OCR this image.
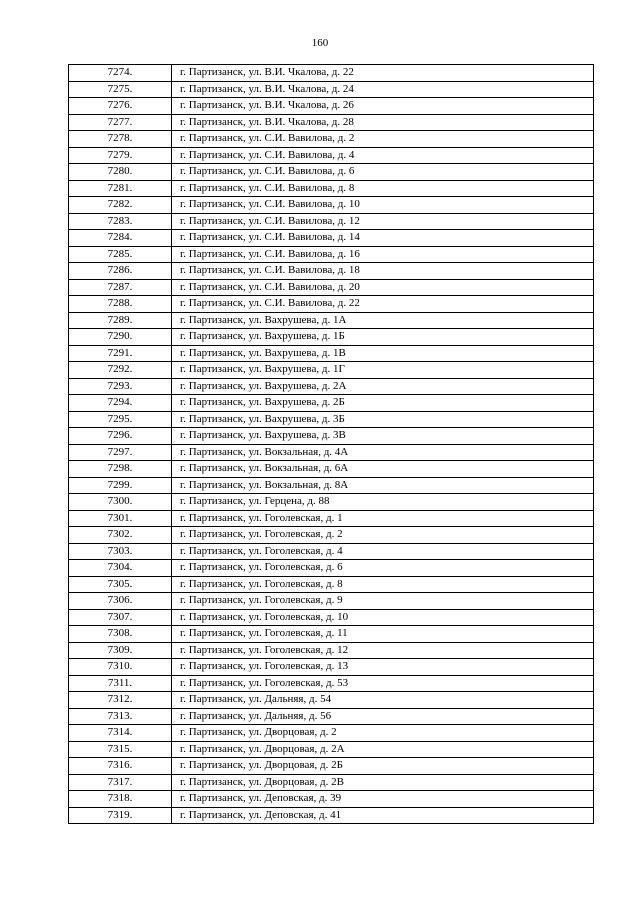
160
7274.	г. Партизанск, ул. В.И. Чкалова, д. 22
7275.	г. Партизанск, ул. В.И. Чкалова, д. 24
7276.	г. Партизанск, ул. В.И. Чкалова, д. 26
7277.	г. Партизанск, ул. В.И. Чкалова, д. 28
7278.	г. Партизанск, ул. С.И. Вавилова, д. 2
7279.	г. Партизанск, ул. С.И. Вавилова, д. 4
7280.	г. Партизанск, ул. С.И. Вавилова, д. 6
7281.	г. Партизанск, ул. С.И. Вавилова, д. 8
7282.	г. Партизанск, ул. С.И. Вавилова, д. 10
7283.	г. Партизанск, ул. С.И. Вавилова, д. 12
7284.	г. Партизанск, ул. С.И. Вавилова, д. 14
7285.	г. Партизанск, ул. С.И. Вавилова, д. 16
7286.	г. Партизанск, ул. С.И. Вавилова, д. 18
7287.	г. Партизанск, ул. С.И. Вавилова, д. 20
7288.	г. Партизанск, ул. С.И. Вавилова, д. 22
7289.	г. Партизанск, ул. Вахрушева, д. 1А
7290.	г. Партизанск, ул. Вахрушева, д. 1Б
7291.	г. Партизанск, ул. Вахрушева, д. 1В
7292.	г. Партизанск, ул. Вахрушева, д. 1Г
7293.	г. Партизанск, ул. Вахрушева, д. 2А
7294.	г. Партизанск, ул. Вахрушева, д. 2Б
7295.	г. Партизанск, ул. Вахрушева, д. 3Б
7296.	г. Партизанск, ул. Вахрушева, д. 3В
7297.	г. Партизанск, ул. Вокзальная, д. 4А
7298.	г. Партизанск, ул. Вокзальная, д. 6А
7299.	г. Партизанск, ул. Вокзальная, д. 8А
7300.	г. Партизанск, ул. Герцена, д. 88
7301.	г. Партизанск, ул. Гоголевская, д. 1
7302.	г. Партизанск, ул. Гоголевская, д. 2
7303.	г. Партизанск, ул. Гоголевская, д. 4
7304.	г. Партизанск, ул. Гоголевская, д. 6
7305.	г. Партизанск, ул. Гоголевская, д. 8
7306.	г. Партизанск, ул. Гоголевская, д. 9
7307.	г. Партизанск, ул. Гоголевская, д. 10
7308.	г. Партизанск, ул. Гоголевская, д. 11
7309.	г. Партизанск, ул. Гоголевская, д. 12
7310.	г. Партизанск, ул. Гоголевская, д. 13
7311.	г. Партизанск, ул. Гоголевская, д. 53
7312.	г. Партизанск, ул. Дальняя, д. 54
7313.	г. Партизанск, ул. Дальняя, д. 56
7314.	г. Партизанск, ул. Дворцовая, д. 2
7315.	г. Партизанск, ул. Дворцовая, д. 2А
7316.	г. Партизанск, ул. Дворцовая, д. 2Б
7317.	г. Партизанск, ул. Дворцовая, д. 2В
7318.	г. Партизанск, ул. Деповская, д. 39
7319.	г. Партизанск, ул. Деповская, д. 41
